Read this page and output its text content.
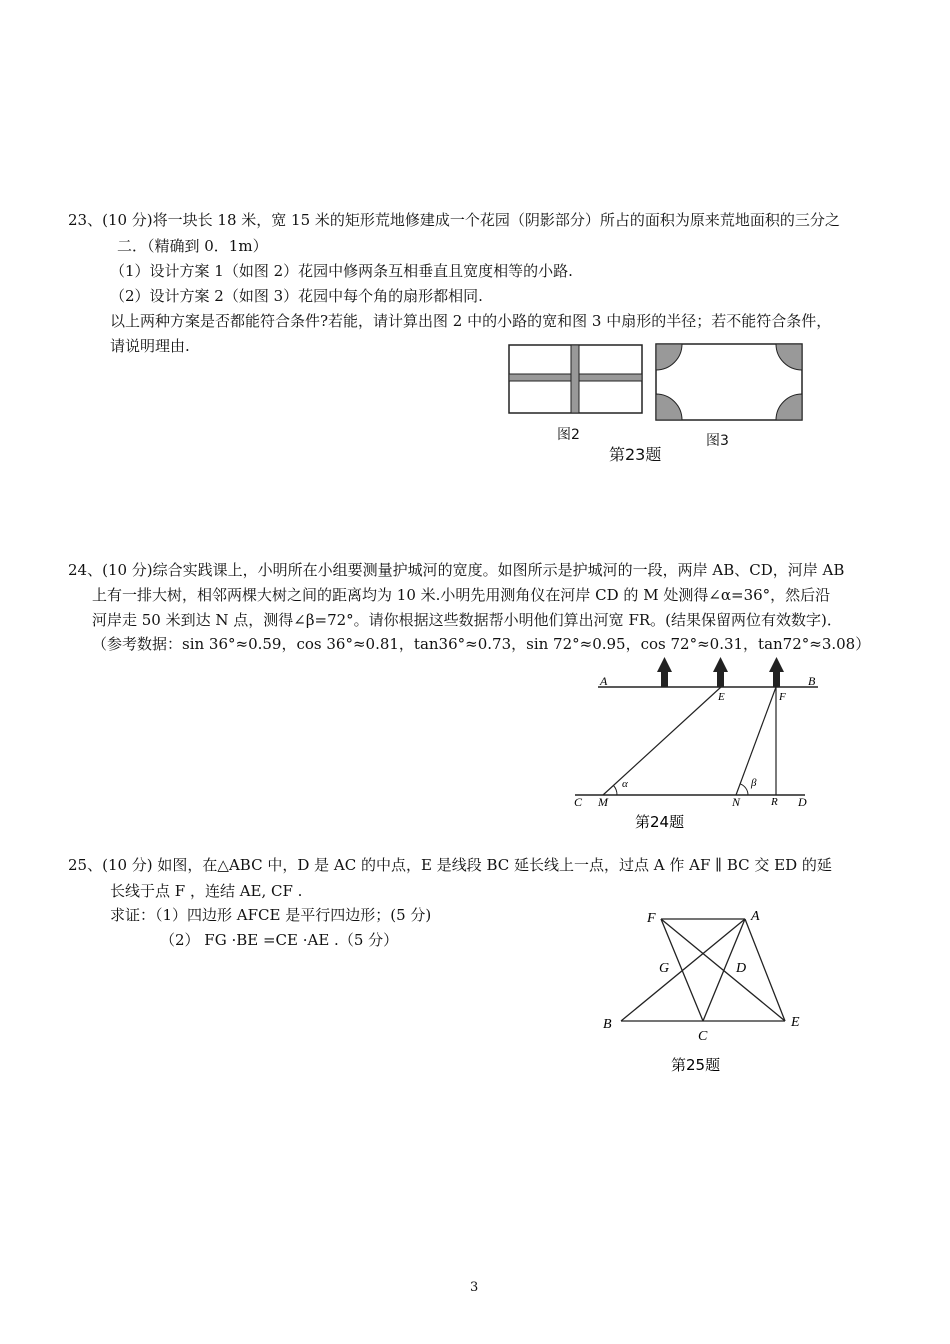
23、(10 分)将一块长 18 米，宽 15 米的矩形荒地修建成一个花园（阴影部分）所占的面积为原来荒地面积的三分之
二．（精确到 0．1m）
（1）设计方案 1（如图 2）花园中修两条互相垂直且宽度相等的小路.
（2）设计方案 2（如图 3）花园中每个角的扇形都相同.
以上两种方案是否都能符合条件?若能，请计算出图 2 中的小路的宽和图 3 中扇形的半径；若不能符合条件，
请说明理由.
图2	图3
第23题
24、(10 分)综合实践课上，小明所在小组要测量护城河的宽度。如图所示是护城河的一段，两岸 AB、CD，河岸 AB
上有一排大树，相邻两棵大树之间的距离均为 10 米.小明先用测角仪在河岸 CD 的 M 处测得∠α=36°，然后沿
河岸走 50 米到达 N 点，测得∠β=72°。请你根据这些数据帮小明他们算出河宽 FR。(结果保留两位有效数字)．
（参考数据：sin 36°≈0.59，cos 36°≈0.81，tan36°≈0.73，sin 72°≈0.95，cos 72°≈0.31，tan72°≈3.08）
A	B
E	F
α	β
C M	N	R D
第24题
25、(10 分) 如图，在△ABC 中，D 是 AC 的中点，E 是线段 BC 延长线上一点，过点 A 作 AF ∥ BC 交 ED 的延
长线于点 F ，连结 AE, CF .
求证：（1）四边形 AFCE 是平行四边形；(5 分)
（2） FG ·BE =CE ·AE .（5 分）
F	A
G	D
B
C
E
第25题
3
